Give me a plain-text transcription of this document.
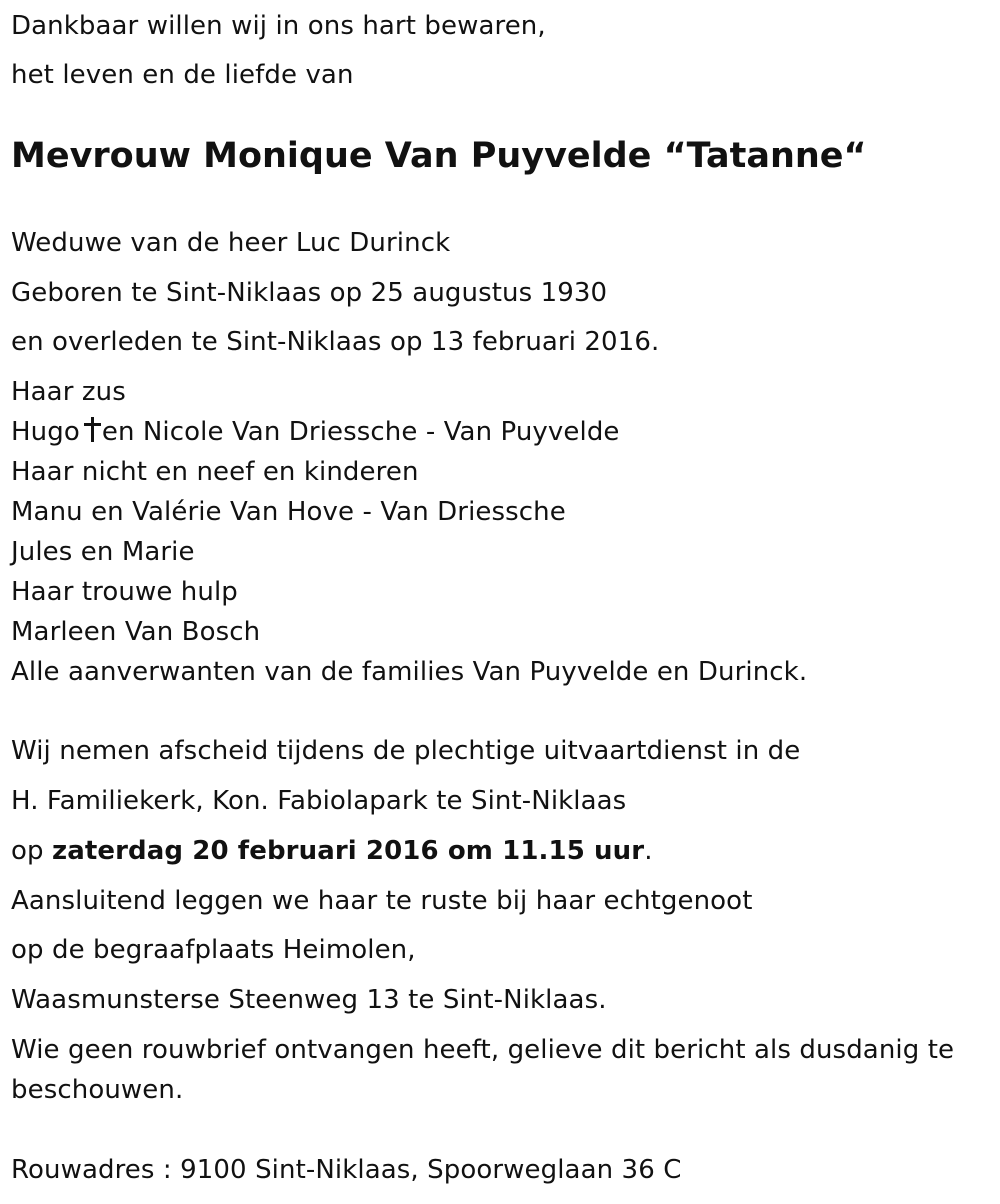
Dankbaar willen wij in ons hart bewaren,
het leven en de liefde van
Mevrouw Monique Van Puyvelde “Tatanne“
Weduwe van de heer Luc Durinck
Geboren te Sint-Niklaas op 25 augustus 1930
en overleden te Sint-Niklaas op 13 februari 2016.
Haar zus
Hugo en Nicole Van Driessche - Van Puyvelde
Haar nicht en neef en kinderen
Manu en Valérie Van Hove - Van Driessche
Jules en Marie
Haar trouwe hulp
Marleen Van Bosch
Alle aanverwanten van de families Van Puyvelde en Durinck.
Wij nemen afscheid tijdens de plechtige uitvaartdienst in de
H. Familiekerk, Kon. Fabiolapark te Sint-Niklaas
op zaterdag 20 februari 2016 om 11.15 uur.
Aansluitend leggen we haar te ruste bij haar echtgenoot
op de begraafplaats Heimolen,
Waasmunsterse Steenweg 13 te Sint-Niklaas.
Wie geen rouwbrief ontvangen heeft, gelieve dit bericht als dusdanig te
beschouwen.
Rouwadres : 9100 Sint-Niklaas, Spoorweglaan 36 C
